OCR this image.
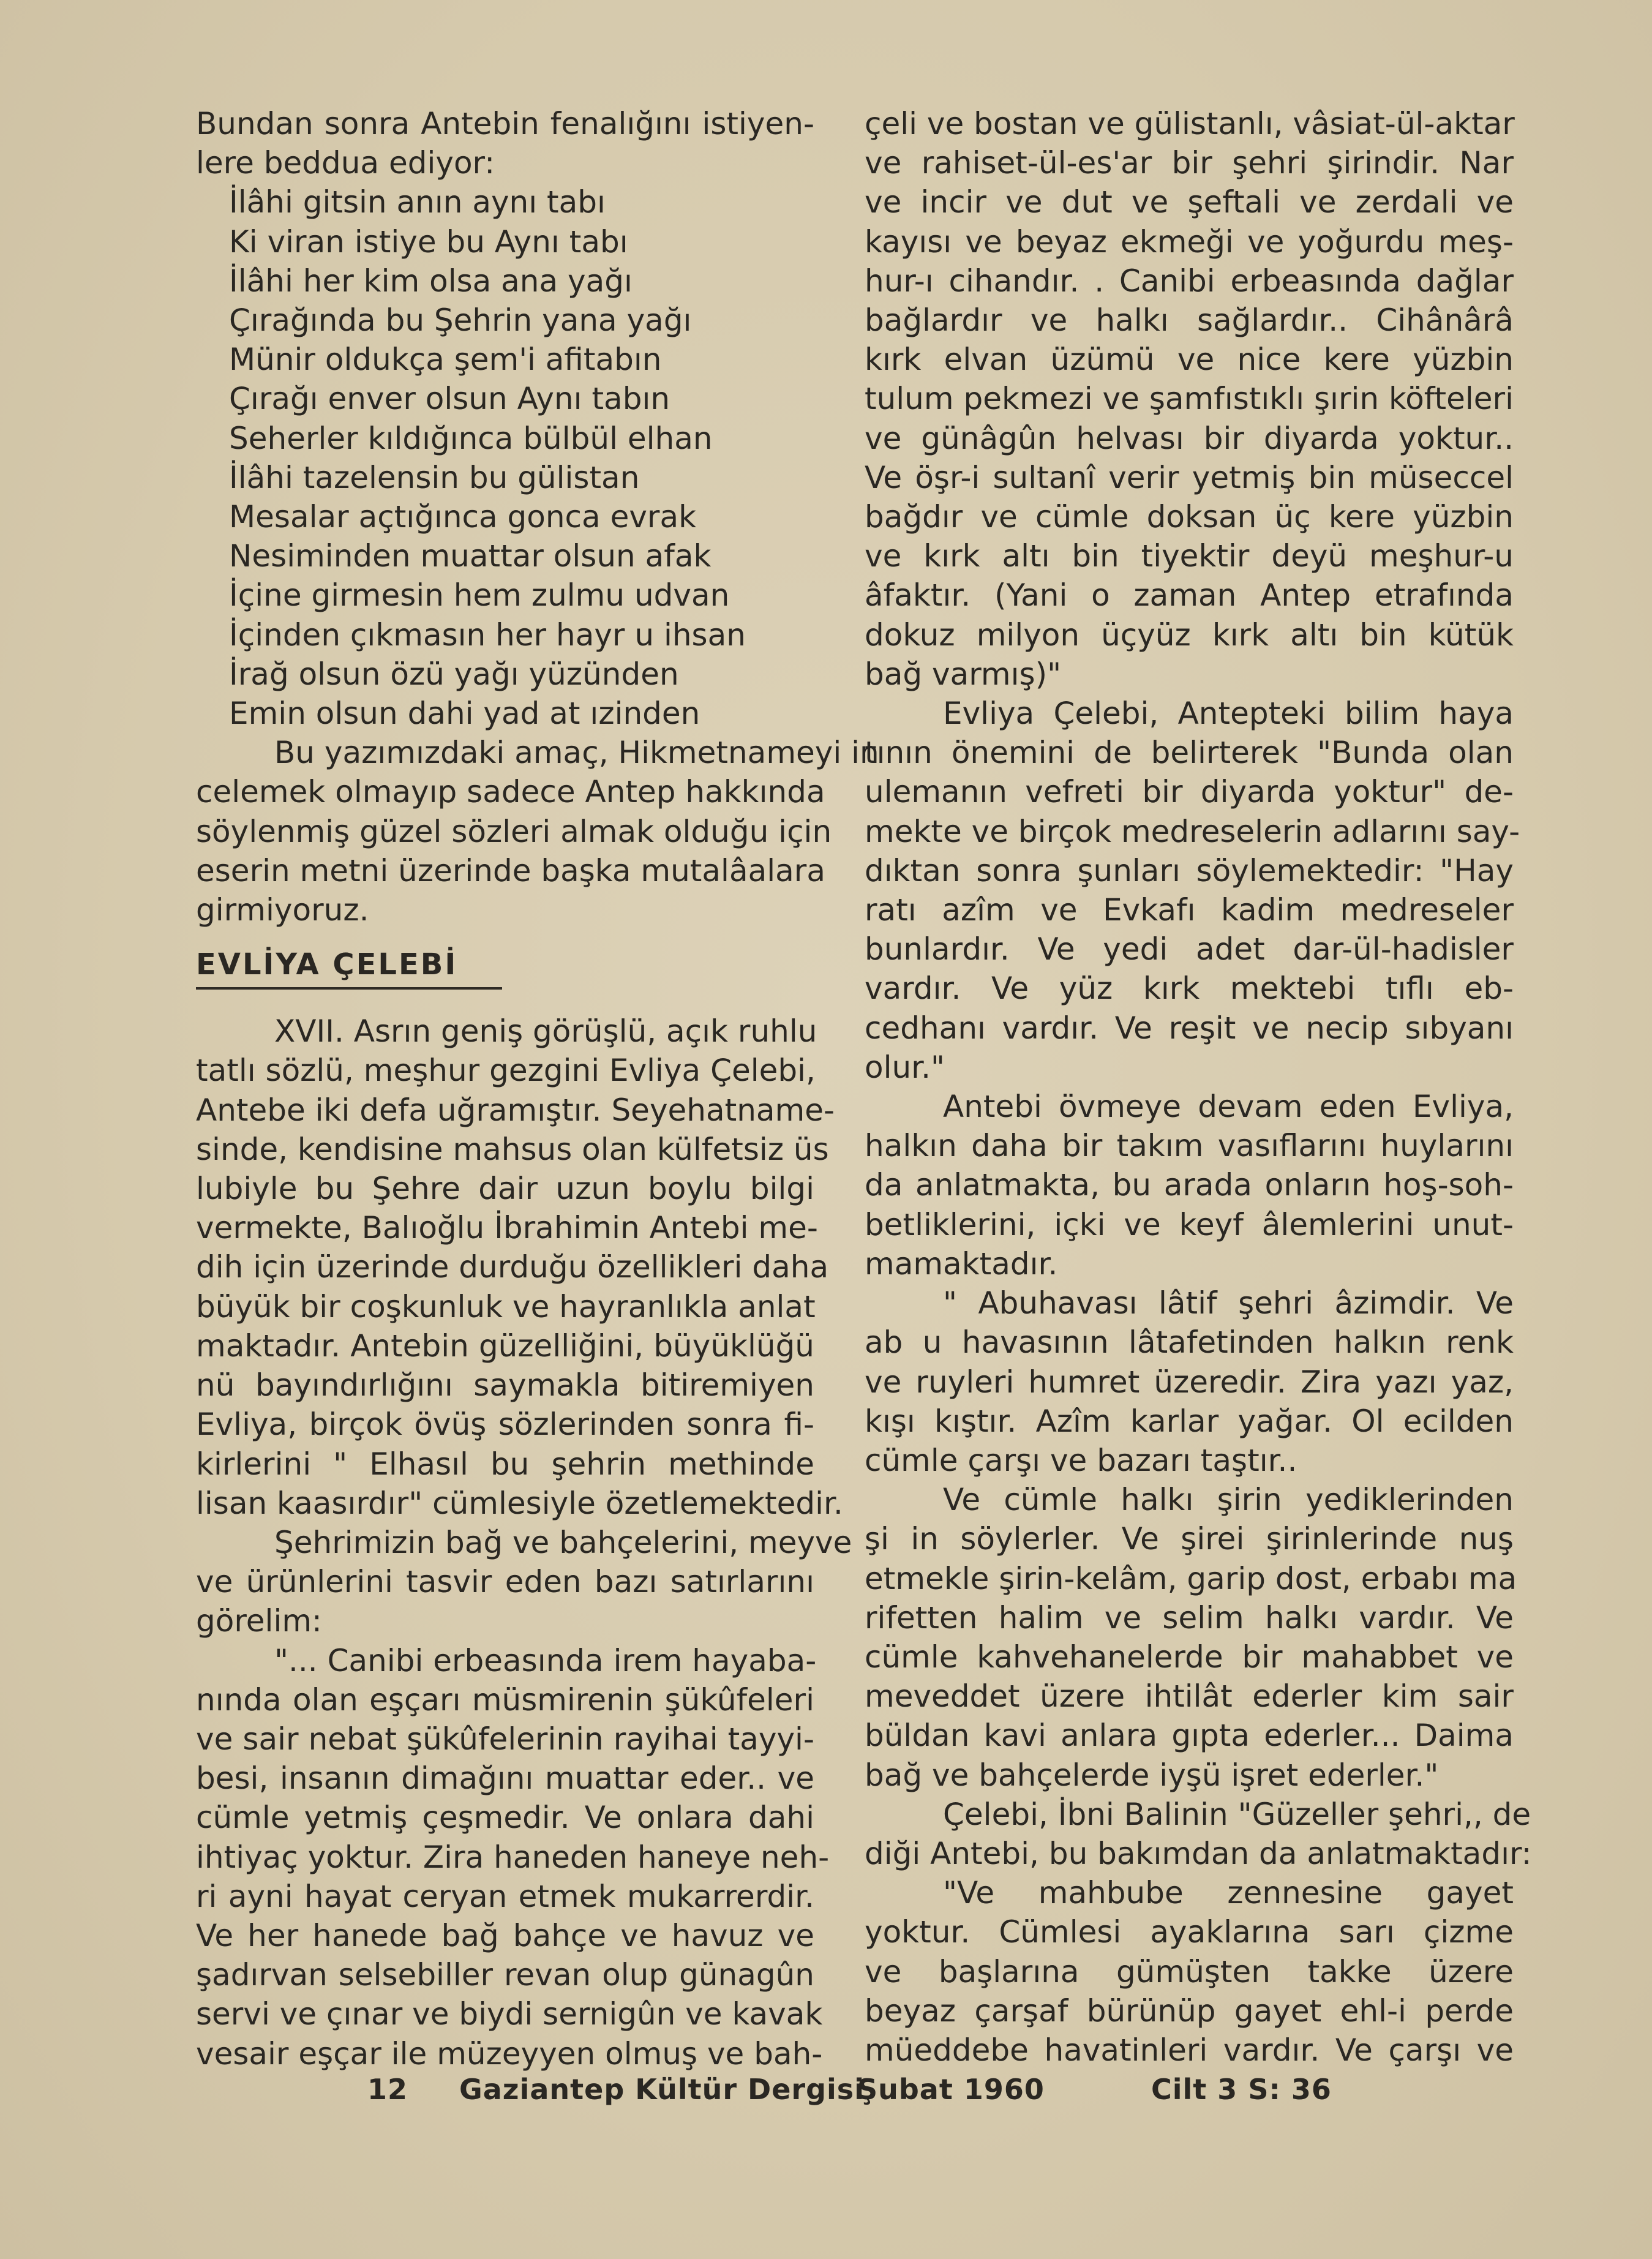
Bundan sonra Antebin fenalığını istiyen-
lere beddua ediyor:
İlâhi gitsin anın aynı tabı
Ki viran istiye bu Aynı tabı
İlâhi her kim olsa ana yağı
Çırağında bu Şehrin yana yağı
Münir oldukça şem'i afitabın
Çırağı enver olsun Aynı tabın
Seherler kıldığınca bülbül elhan
İlâhi tazelensin bu gülistan
Mesalar açtığınca gonca evrak
Nesiminden muattar olsun afak
İçine girmesin hem zulmu udvan
İçinden çıkmasın her hayr u ihsan
İrağ olsun özü yağı yüzünden
Emin olsun dahi yad at ızinden
Bu yazımızdaki amaç, Hikmetnameyi in
celemek olmayıp sadece Antep hakkında
söylenmiş güzel sözleri almak olduğu için
eserin metni üzerinde başka mutalâalara
girmiyoruz.
EVLİYA ÇELEBİ
XVII. Asrın geniş görüşlü, açık ruhlu
tatlı sözlü, meşhur gezgini Evliya Çelebi,
Antebe iki defa uğramıştır. Seyehatname-
sinde, kendisine mahsus olan külfetsiz üs
lubiyle bu Şehre dair uzun boylu bilgi
vermekte, Balıoğlu İbrahimin Antebi me-
dih için üzerinde durduğu özellikleri daha
büyük bir coşkunluk ve hayranlıkla anlat
maktadır. Antebin güzelliğini, büyüklüğü
nü bayındırlığını saymakla bitiremiyen
Evliya, birçok övüş sözlerinden sonra fi-
kirlerini " Elhasıl bu şehrin methinde
lisan kaasırdır" cümlesiyle özetlemektedir.
Şehrimizin bağ ve bahçelerini, meyve
ve ürünlerini tasvir eden bazı satırlarını
görelim:
"... Canibi erbeasında irem hayaba-
nında olan eşçarı müsmirenin şükûfeleri
ve sair nebat şükûfelerinin rayihai tayyi-
besi, insanın dimağını muattar eder.. ve
cümle yetmiş çeşmedir. Ve onlara dahi
ihtiyaç yoktur. Zira haneden haneye neh-
ri ayni hayat ceryan etmek mukarrerdir.
Ve her hanede bağ bahçe ve havuz ve
şadırvan selsebiller revan olup günagûn
servi ve çınar ve biydi sernigûn ve kavak
vesair eşçar ile müzeyyen olmuş ve bah-
çeli ve bostan ve gülistanlı, vâsiat-ül-aktar
ve rahiset-ül-es'ar bir şehri şirindir. Nar
ve incir ve dut ve şeftali ve zerdali ve
kayısı ve beyaz ekmeği ve yoğurdu meş-
hur-ı cihandır. . Canibi erbeasında dağlar
bağlardır ve halkı sağlardır.. Cihânârâ
kırk elvan üzümü ve nice kere yüzbin
tulum pekmezi ve şamfıstıklı şırin köfteleri
ve günâgûn helvası bir diyarda yoktur..
Ve öşr-i sultanî verir yetmiş bin müseccel
bağdır ve cümle doksan üç kere yüzbin
ve kırk altı bin tiyektir deyü meşhur-u
âfaktır. (Yani o zaman Antep etrafında
dokuz milyon üçyüz kırk altı bin kütük
bağ varmış)"
Evliya Çelebi, Antepteki bilim haya
tının önemini de belirterek "Bunda olan
ulemanın vefreti bir diyarda yoktur" de-
mekte ve birçok medreselerin adlarını say-
dıktan sonra şunları söylemektedir: "Hay
ratı azîm ve Evkafı kadim medreseler
bunlardır. Ve yedi adet dar-ül-hadisler
vardır. Ve yüz kırk mektebi tıflı eb-
cedhanı vardır. Ve reşit ve necip sıbyanı
olur."
Antebi övmeye devam eden Evliya,
halkın daha bir takım vasıflarını huylarını
da anlatmakta, bu arada onların hoş-soh-
betliklerini, içki ve keyf âlemlerini unut-
mamaktadır.
" Abuhavası lâtif şehri âzimdir. Ve
ab u havasının lâtafetinden halkın renk
ve ruyleri humret üzeredir. Zira yazı yaz,
kışı kıştır. Azîm karlar yağar. Ol ecilden
cümle çarşı ve bazarı taştır..
Ve cümle halkı şirin yediklerinden
şi in söylerler. Ve şirei şirinlerinde nuş
etmekle şirin-kelâm, garip dost, erbabı ma
rifetten halim ve selim halkı vardır. Ve
cümle kahvehanelerde bir mahabbet ve
meveddet üzere ihtilât ederler kim sair
büldan kavi anlara gıpta ederler... Daima
bağ ve bahçelerde iyşü işret ederler."
Çelebi, İbni Balinin "Güzeller şehri,, de
diği Antebi, bu bakımdan da anlatmaktadır:
"Ve mahbube zennesine gayet
yoktur. Cümlesi ayaklarına sarı çizme
ve başlarına gümüşten takke üzere
beyaz çarşaf bürünüp gayet ehl-i perde
müeddebe havatinleri vardır. Ve çarşı ve
12 Gaziantep Kültür Dergisi
Şubat 1960	Cilt 3 S: 36
